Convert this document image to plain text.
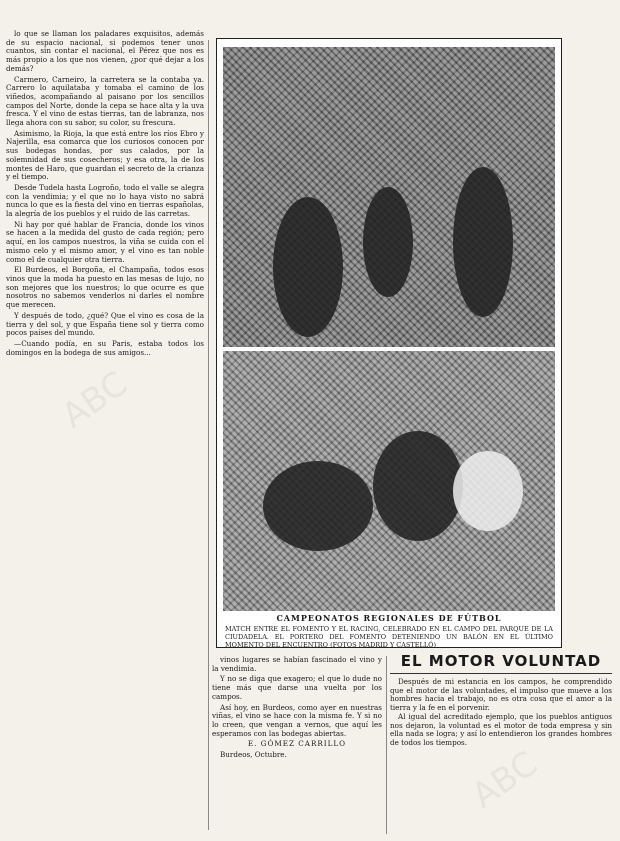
ABC
ABC

lo que se llaman los paladares exquisitos, además de su espacio nacional, si podemos tener unos cuantos, sin contar el nacional, el Pérez que nos es más propio a los que nos vienen, ¿por qué dejar a los demás?

Carmero, Carneiro, la carretera se la contaba ya. Carrero lo aquilataba y tomaba el camino de los viñedos, acompañando al paisano por los sencillos campos del Norte, donde la cepa se hace alta y la uva fresca. Y el vino de estas tierras, tan de labranza, nos llega ahora con su sabor, su color, su frescura.

Asimismo, la Rioja, la que está entre los ríos Ebro y Najerilla, esa comarca que los curiosos conocen por sus bodegas hondas, por sus calados, por la solemnidad de sus cosecheros; y esa otra, la de los montes de Haro, que guardan el secreto de la crianza y el tiempo.

Desde Tudela hasta Logroño, todo el valle se alegra con la vendimia; y el que no lo haya visto no sabrá nunca lo que es la fiesta del vino en tierras españolas, la alegría de los pueblos y el ruido de las carretas.

Ni hay por qué hablar de Francia, donde los vinos se hacen a la medida del gusto de cada región; pero aquí, en los campos nuestros, la viña se cuida con el mismo celo y el mismo amor, y el vino es tan noble como el de cualquier otra tierra.

El Burdeos, el Borgoña, el Champaña, todos esos vinos que la moda ha puesto en las mesas de lujo, no son mejores que los nuestros; lo que ocurre es que nosotros no sabemos venderlos ni darles el nombre que merecen.

Y después de todo, ¿qué? Que el vino es cosa de la tierra y del sol, y que España tiene sol y tierra como pocos países del mundo.

—Cuando podía, en su Paris, estaba todos los domingos en la bodega de sus amigos...

CAMPEONATOS REGIONALES DE FÚTBOL
MATCH ENTRE EL FOMENTO Y EL RACING, CELEBRADO EN EL CAMPO DEL PARQUE DE LA CIUDADELA. EL PORTERO DEL FOMENTO DETENIENDO UN BALÓN EN EL ÚLTIMO MOMENTO DEL ENCUENTRO (FOTOS MADRID Y CASTELLÓ)

vinos lugares se habían fascinado el vino y la vendimia.

Y no se diga que exagero; el que lo dude no tiene más que darse una vuelta por los campos.

Así hoy, en Burdeos, como ayer en nuestras viñas, el vino se hace con la misma fe. Y si no lo creen, que vengan a vernos, que aquí les esperamos con las bodegas abiertas.

E. GÓMEZ CARRILLO

Burdeos, Octubre.

EL MOTOR VOLUNTAD

Después de mi estancia en los campos, he comprendido que el motor de las voluntades, el impulso que mueve a los hombres hacia el trabajo, no es otra cosa que el amor a la tierra y la fe en el porvenir.

Al igual del acreditado ejemplo, que los pueblos antiguos nos dejaron, la voluntad es el motor de toda empresa y sin ella nada se logra; y así lo entendieron los grandes hombres de todos los tiempos.
